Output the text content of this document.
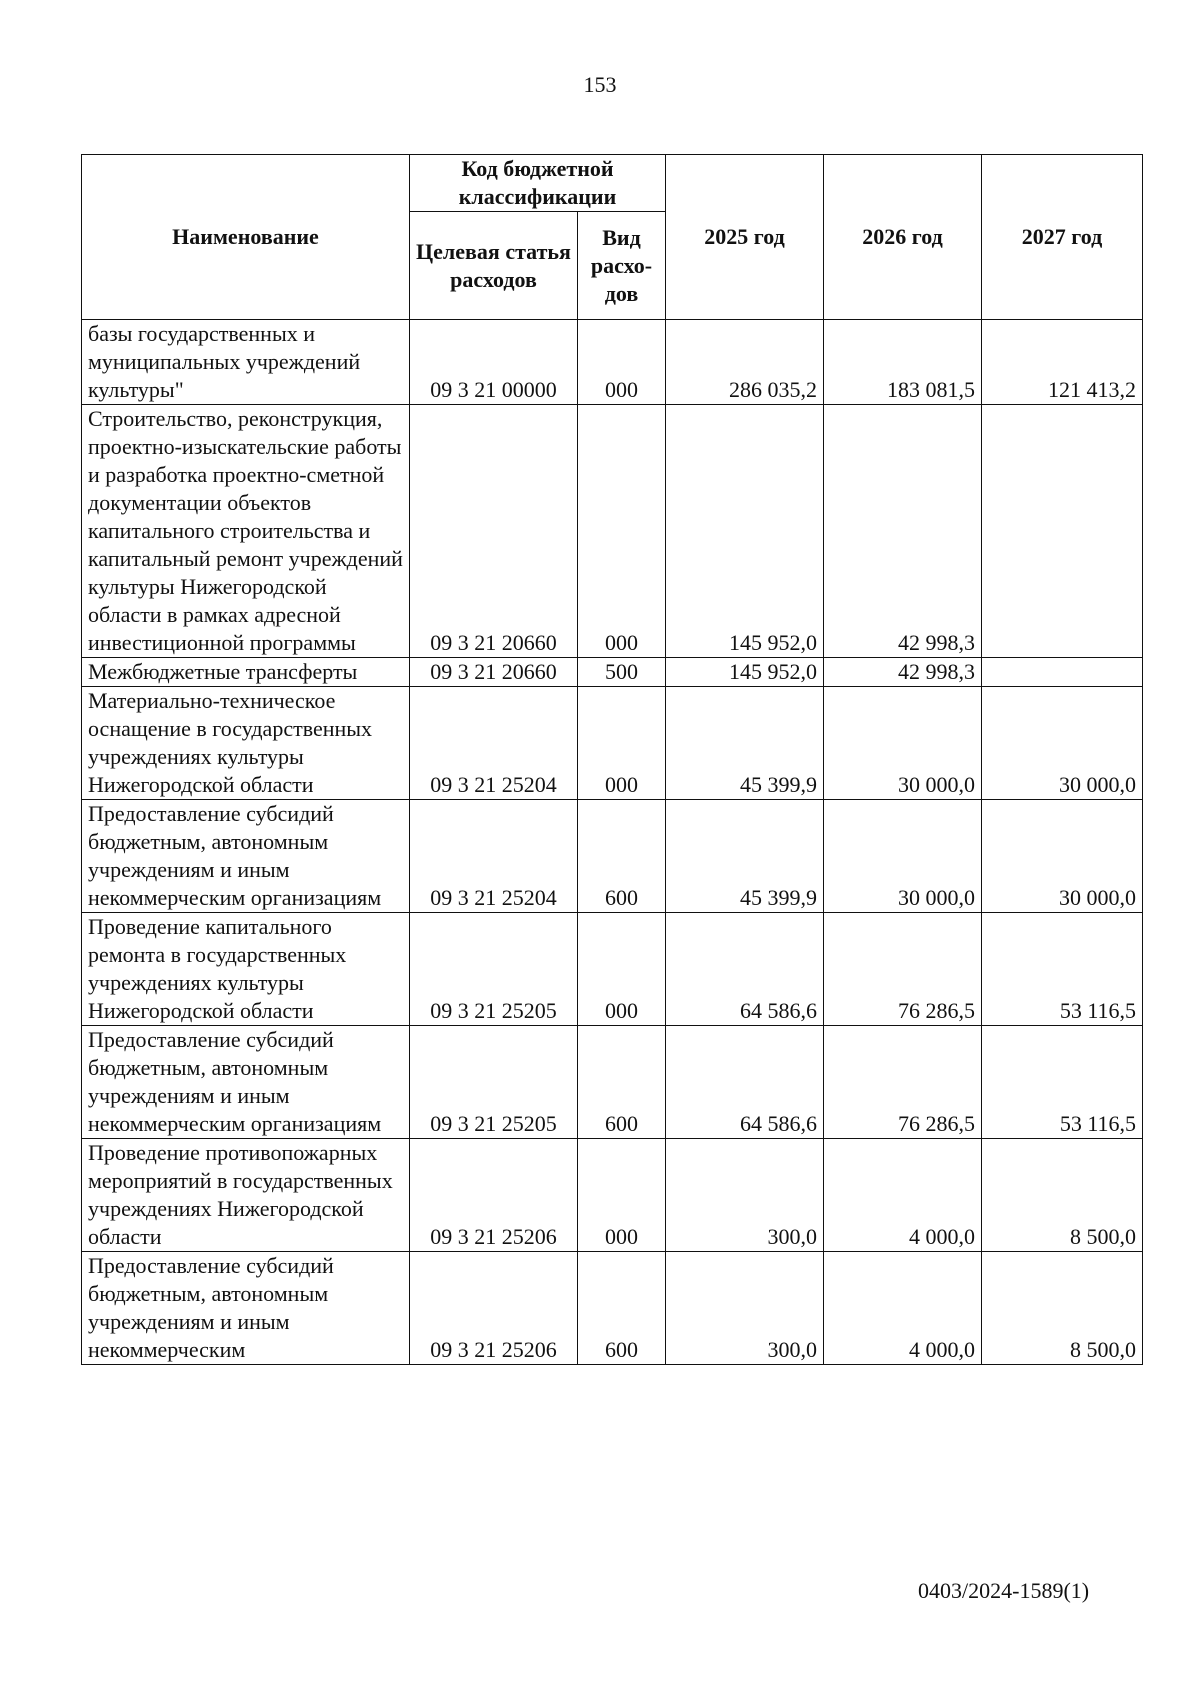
153
Наименование	Код бюджетной классификации		2025 год	2026 год	2027 год
	Целевая статья расходов	Вид расхо-дов			
базы государственных и муниципальных учреждений культуры"	09 3 21 00000	000	286 035,2	183 081,5	121 413,2
Строительство, реконструкция, проектно-изыскательские работы и разработка проектно-сметной документации объектов капитального строительства и капитальный ремонт учреждений культуры Нижегородской области в рамках адресной инвестиционной программы	09 3 21 20660	000	145 952,0	42 998,3	
Межбюджетные трансферты	09 3 21 20660	500	145 952,0	42 998,3	
Материально-техническое оснащение в государственных учреждениях культуры Нижегородской области	09 3 21 25204	000	45 399,9	30 000,0	30 000,0
Предоставление субсидий бюджетным, автономным учреждениям и иным некоммерческим организациям	09 3 21 25204	600	45 399,9	30 000,0	30 000,0
Проведение капитального ремонта в государственных учреждениях культуры Нижегородской области	09 3 21 25205	000	64 586,6	76 286,5	53 116,5
Предоставление субсидий бюджетным, автономным учреждениям и иным некоммерческим организациям	09 3 21 25205	600	64 586,6	76 286,5	53 116,5
Проведение противопожарных мероприятий в государственных учреждениях Нижегородской области	09 3 21 25206	000	300,0	4 000,0	8 500,0
Предоставление субсидий бюджетным, автономным учреждениям и иным некоммерческим	09 3 21 25206	600	300,0	4 000,0	8 500,0
0403/2024-1589(1)
